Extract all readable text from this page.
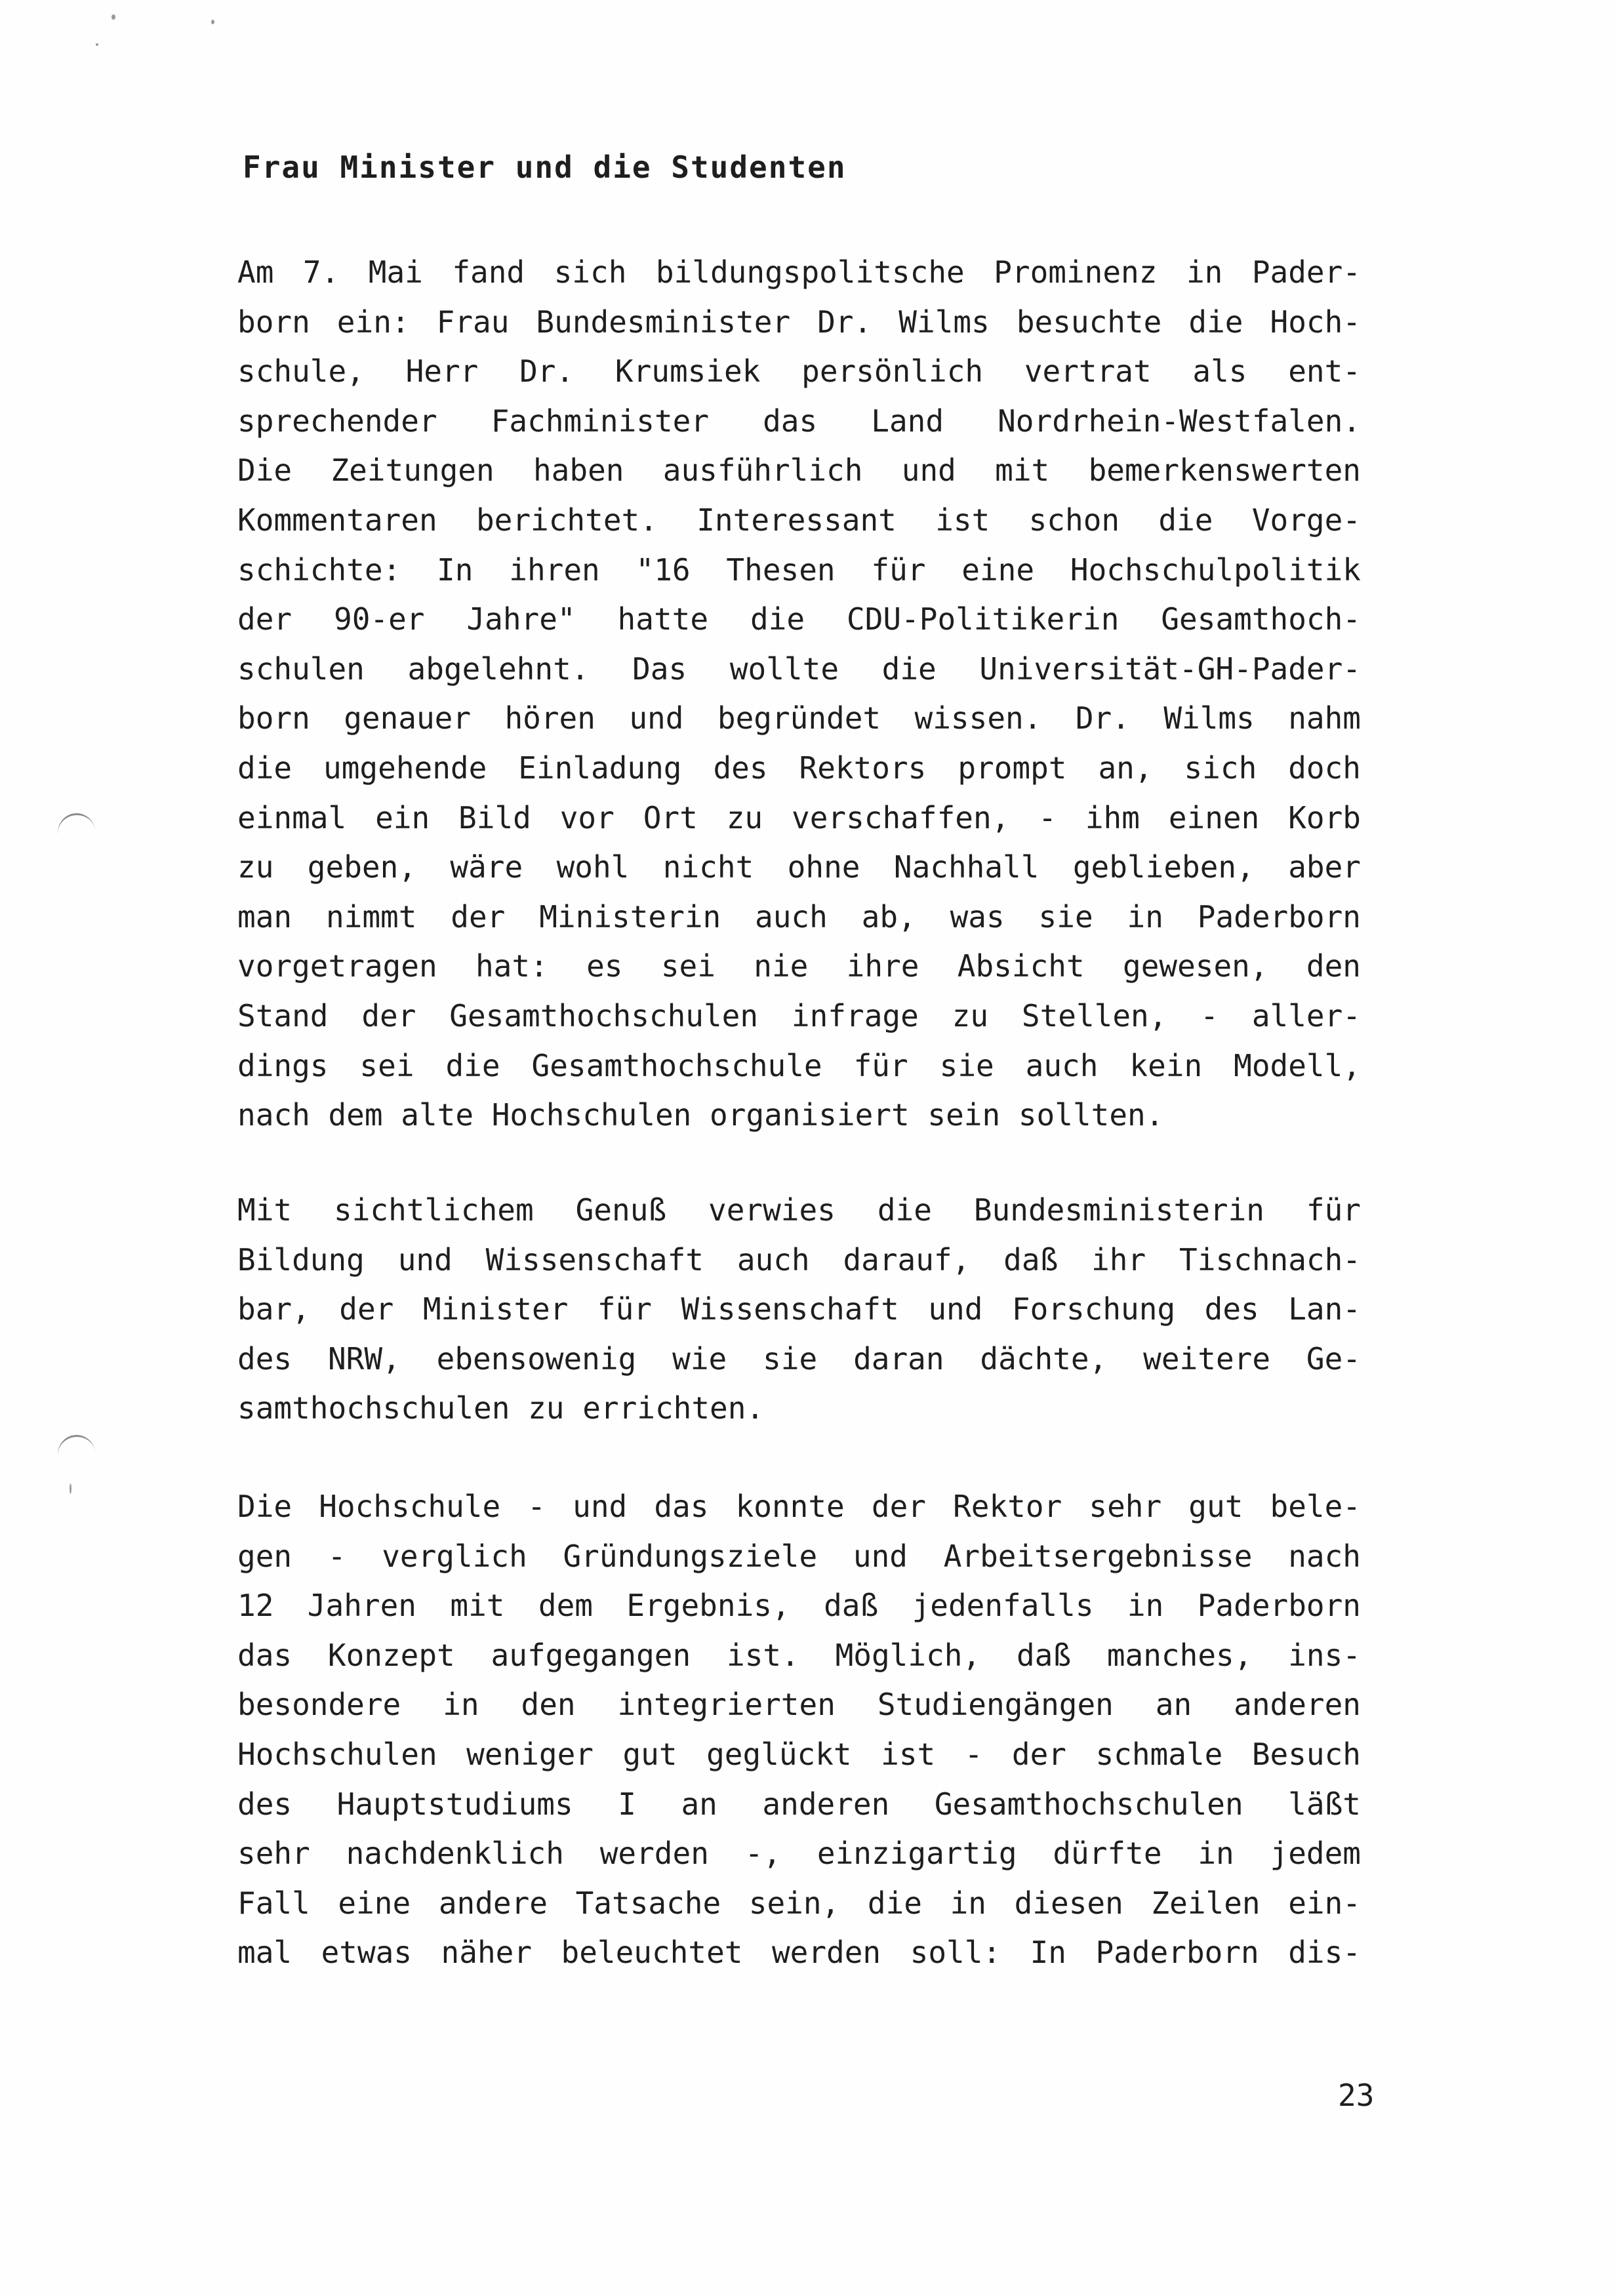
Frau Minister und die Studenten
Am 7. Mai fand sich bildungspolitsche Prominenz in Pader-
born ein: Frau Bundesminister Dr. Wilms besuchte die Hoch-
schule, Herr Dr. Krumsiek persönlich vertrat als ent-
sprechender Fachminister das Land Nordrhein-Westfalen.
Die Zeitungen haben ausführlich und mit bemerkenswerten
Kommentaren berichtet. Interessant ist schon die Vorge-
schichte: In ihren "16 Thesen für eine Hochschulpolitik
der 90-er Jahre" hatte die CDU-Politikerin Gesamthoch-
schulen abgelehnt. Das wollte die Universität-GH-Pader-
born genauer hören und begründet wissen. Dr. Wilms nahm
die umgehende Einladung des Rektors prompt an, sich doch
einmal ein Bild vor Ort zu verschaffen, - ihm einen Korb
zu geben, wäre wohl nicht ohne Nachhall geblieben, aber
man nimmt der Ministerin auch ab, was sie in Paderborn
vorgetragen hat: es sei nie ihre Absicht gewesen, den
Stand der Gesamthochschulen infrage zu Stellen, - aller-
dings sei die Gesamthochschule für sie auch kein Modell,
nach dem alte Hochschulen organisiert sein sollten.
Mit sichtlichem Genuß verwies die Bundesministerin für
Bildung und Wissenschaft auch darauf, daß ihr Tischnach-
bar, der Minister für Wissenschaft und Forschung des Lan-
des NRW, ebensowenig wie sie daran dächte, weitere Ge-
samthochschulen zu errichten.
Die Hochschule - und das konnte der Rektor sehr gut bele-
gen - verglich Gründungsziele und Arbeitsergebnisse nach
12 Jahren mit dem Ergebnis, daß jedenfalls in Paderborn
das Konzept aufgegangen ist. Möglich, daß manches, ins-
besondere in den integrierten Studiengängen an anderen
Hochschulen weniger gut geglückt ist - der schmale Besuch
des Hauptstudiums I an anderen Gesamthochschulen läßt
sehr nachdenklich werden -, einzigartig dürfte in jedem
Fall eine andere Tatsache sein, die in diesen Zeilen ein-
mal etwas näher beleuchtet werden soll: In Paderborn dis-
23
